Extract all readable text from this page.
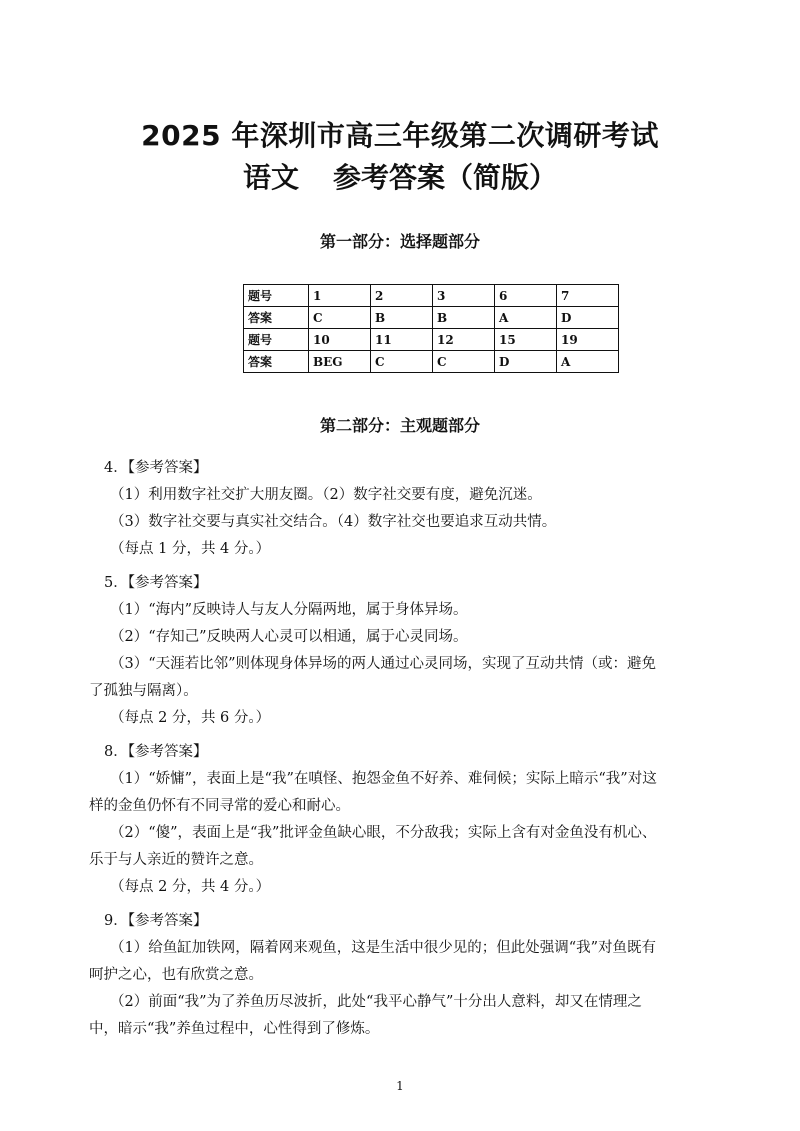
2025 年深圳市高三年级第二次调研考试
语文 参考答案（简版）
第一部分：选择题部分
题号	1	2	3	6	7
答案	C	B	B	A	D
题号	10	11	12	15	19
答案	BEG	C	C	D	A
第二部分：主观题部分
4．【参考答案】
（1）利用数字社交扩大朋友圈。（2）数字社交要有度，避免沉迷。
（3）数字社交要与真实社交结合。（4）数字社交也要追求互动共情。
（每点 1 分，共 4 分。）
5．【参考答案】
（1）“海内”反映诗人与友人分隔两地，属于身体异场。
（2）“存知己”反映两人心灵可以相通，属于心灵同场。
（3）“天涯若比邻”则体现身体异场的两人通过心灵同场，实现了互动共情（或：避免
了孤独与隔离）。
（每点 2 分，共 6 分。）
8．【参考答案】
（1）“娇慵”，表面上是“我”在嗔怪、抱怨金鱼不好养、难伺候；实际上暗示“我”对这
样的金鱼仍怀有不同寻常的爱心和耐心。
（2）“傻”，表面上是“我”批评金鱼缺心眼，不分敌我；实际上含有对金鱼没有机心、
乐于与人亲近的赞许之意。
（每点 2 分，共 4 分。）
9．【参考答案】
（1）给鱼缸加铁网，隔着网来观鱼，这是生活中很少见的；但此处强调“我”对鱼既有
呵护之心，也有欣赏之意。
（2）前面“我”为了养鱼历尽波折，此处“我平心静气”十分出人意料，却又在情理之
中，暗示“我”养鱼过程中，心性得到了修炼。
1
